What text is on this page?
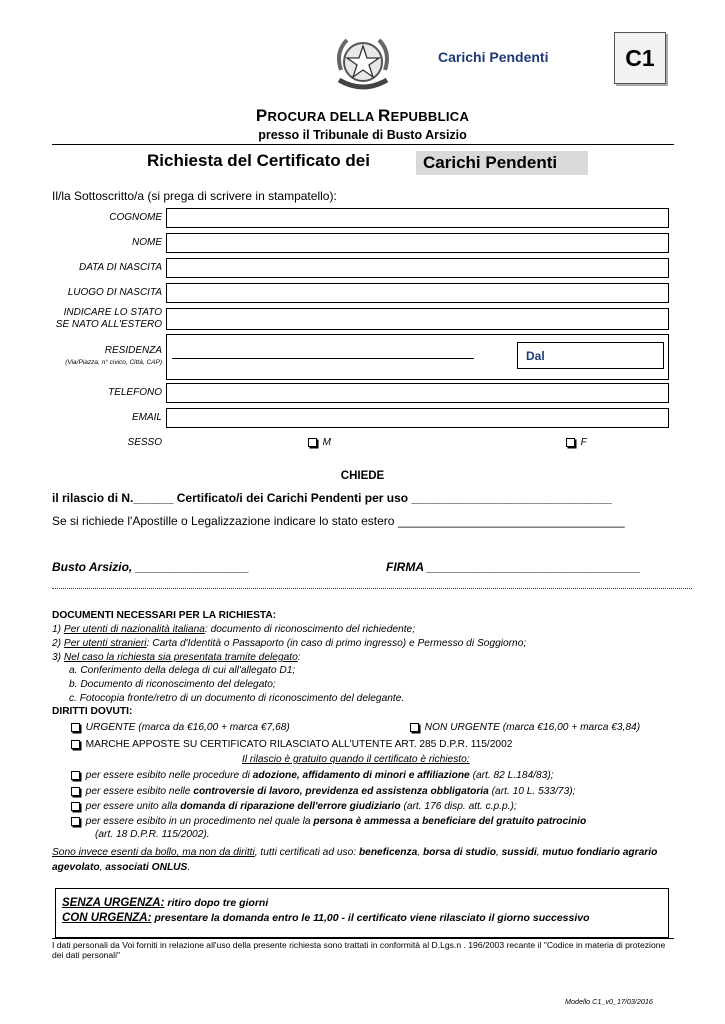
Carichi Pendenti	C1
PROCURA DELLA REPUBBLICA
presso il Tribunale di Busto Arsizio
Richiesta del Certificato dei	Carichi Pendenti
Il/la Sottoscritto/a (si prega di scrivere in stampatello):
COGNOME
NOME
DATA DI NASCITA
LUOGO DI NASCITA
INDICARE LO STATO
SE NATO ALL'ESTERO
RESIDENZA
(Via/Piazza, n° civico, Città, CAP)	Dal
TELEFONO
EMAIL
SESSO	M	F
CHIEDE
il rilascio di N.______ Certificato/i dei Carichi Pendenti per uso ______________________________
Se si richiede l'Apostille o Legalizzazione indicare lo stato estero __________________________________
Busto Arsizio, _________________	FIRMA ________________________________
DOCUMENTI NECESSARI PER LA RICHIESTA:
1) Per utenti di nazionalità italiana: documento di riconoscimento del richiedente;
2) Per utenti stranieri: Carta d'Identità o Passaporto (in caso di primo ingresso) e Permesso di Soggiorno;
3) Nel caso la richiesta sia presentata tramite delegato:
a. Conferimento della delega di cui all'allegato D1;
b. Documento di riconoscimento del delegato;
c. Fotocopia fronte/retro di un documento di riconoscimento del delegante.
DIRITTI DOVUTI:
URGENTE (marca da €16,00 + marca €7,68)	NON URGENTE (marca €16,00 + marca €3,84)
MARCHE APPOSTE SU CERTIFICATO RILASCIATO ALL'UTENTE ART. 285 D.P.R. 115/2002
Il rilascio è gratuito quando il certificato è richiesto:
per essere esibito nelle procedure di adozione, affidamento di minori e affiliazione (art. 82 L.184/83);
per essere esibito nelle controversie di lavoro, previdenza ed assistenza obbligatoria (art. 10 L. 533/73);
per essere unito alla domanda di riparazione dell'errore giudiziario (art. 176 disp. att. c.p.p.);
per essere esibito in un procedimento nel quale la persona è ammessa a beneficiare del gratuito patrocinio
(art. 18 D.P.R. 115/2002).
Sono invece esenti da bollo, ma non da diritti, tutti certificati ad uso: beneficenza, borsa di studio, sussidi, mutuo fondiario agrario agevolato, associati ONLUS.
SENZA URGENZA: ritiro dopo tre giorni
CON URGENZA: presentare la domanda entro le 11,00 - il certificato viene rilasciato il giorno successivo
I dati personali da Voi forniti in relazione all'uso della presente richiesta sono trattati in conformità al D.Lgs.n . 196/2003 recante il "Codice in materia di protezione dei dati personali"
Modello C1_v0_17/03/2016
